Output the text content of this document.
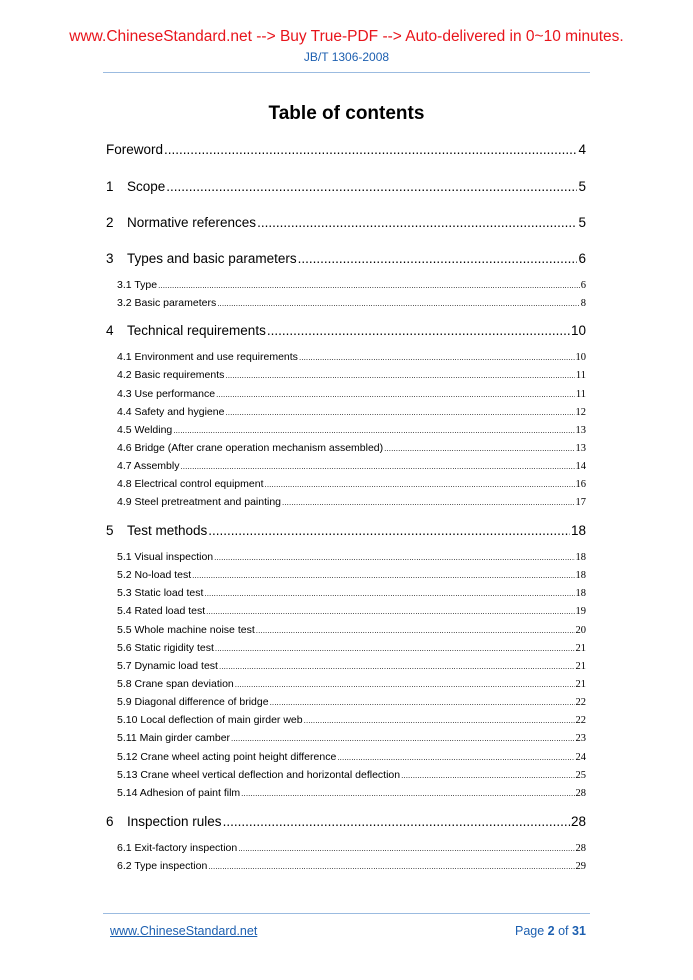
www.ChineseStandard.net --> Buy True-PDF --> Auto-delivered in 0~10 minutes.
JB/T 1306-2008
Table of contents
Foreword .....	4
1 Scope .....	5
2 Normative references .....	5
3 Types and basic parameters .....	6
3.1 Type .....	6
3.2 Basic parameters .....	8
4 Technical requirements .....	10
4.1 Environment and use requirements .....	10
4.2 Basic requirements .....	11
4.3 Use performance .....	11
4.4 Safety and hygiene .....	12
4.5 Welding .....	13
4.6 Bridge (After crane operation mechanism assembled) .....	13
4.7 Assembly .....	14
4.8 Electrical control equipment .....	16
4.9 Steel pretreatment and painting .....	17
5 Test methods .....	18
5.1 Visual inspection .....	18
5.2 No-load test .....	18
5.3 Static load test .....	18
5.4 Rated load test .....	19
5.5 Whole machine noise test .....	20
5.6 Static rigidity test .....	21
5.7 Dynamic load test .....	21
5.8 Crane span deviation .....	21
5.9 Diagonal difference of bridge .....	22
5.10 Local deflection of main girder web .....	22
5.11 Main girder camber .....	23
5.12 Crane wheel acting point height difference .....	24
5.13 Crane wheel vertical deflection and horizontal deflection .....	25
5.14 Adhesion of paint film .....	28
6 Inspection rules .....	28
6.1 Exit-factory inspection .....	28
6.2 Type inspection .....	29
www.ChineseStandard.net	Page 2 of 31
